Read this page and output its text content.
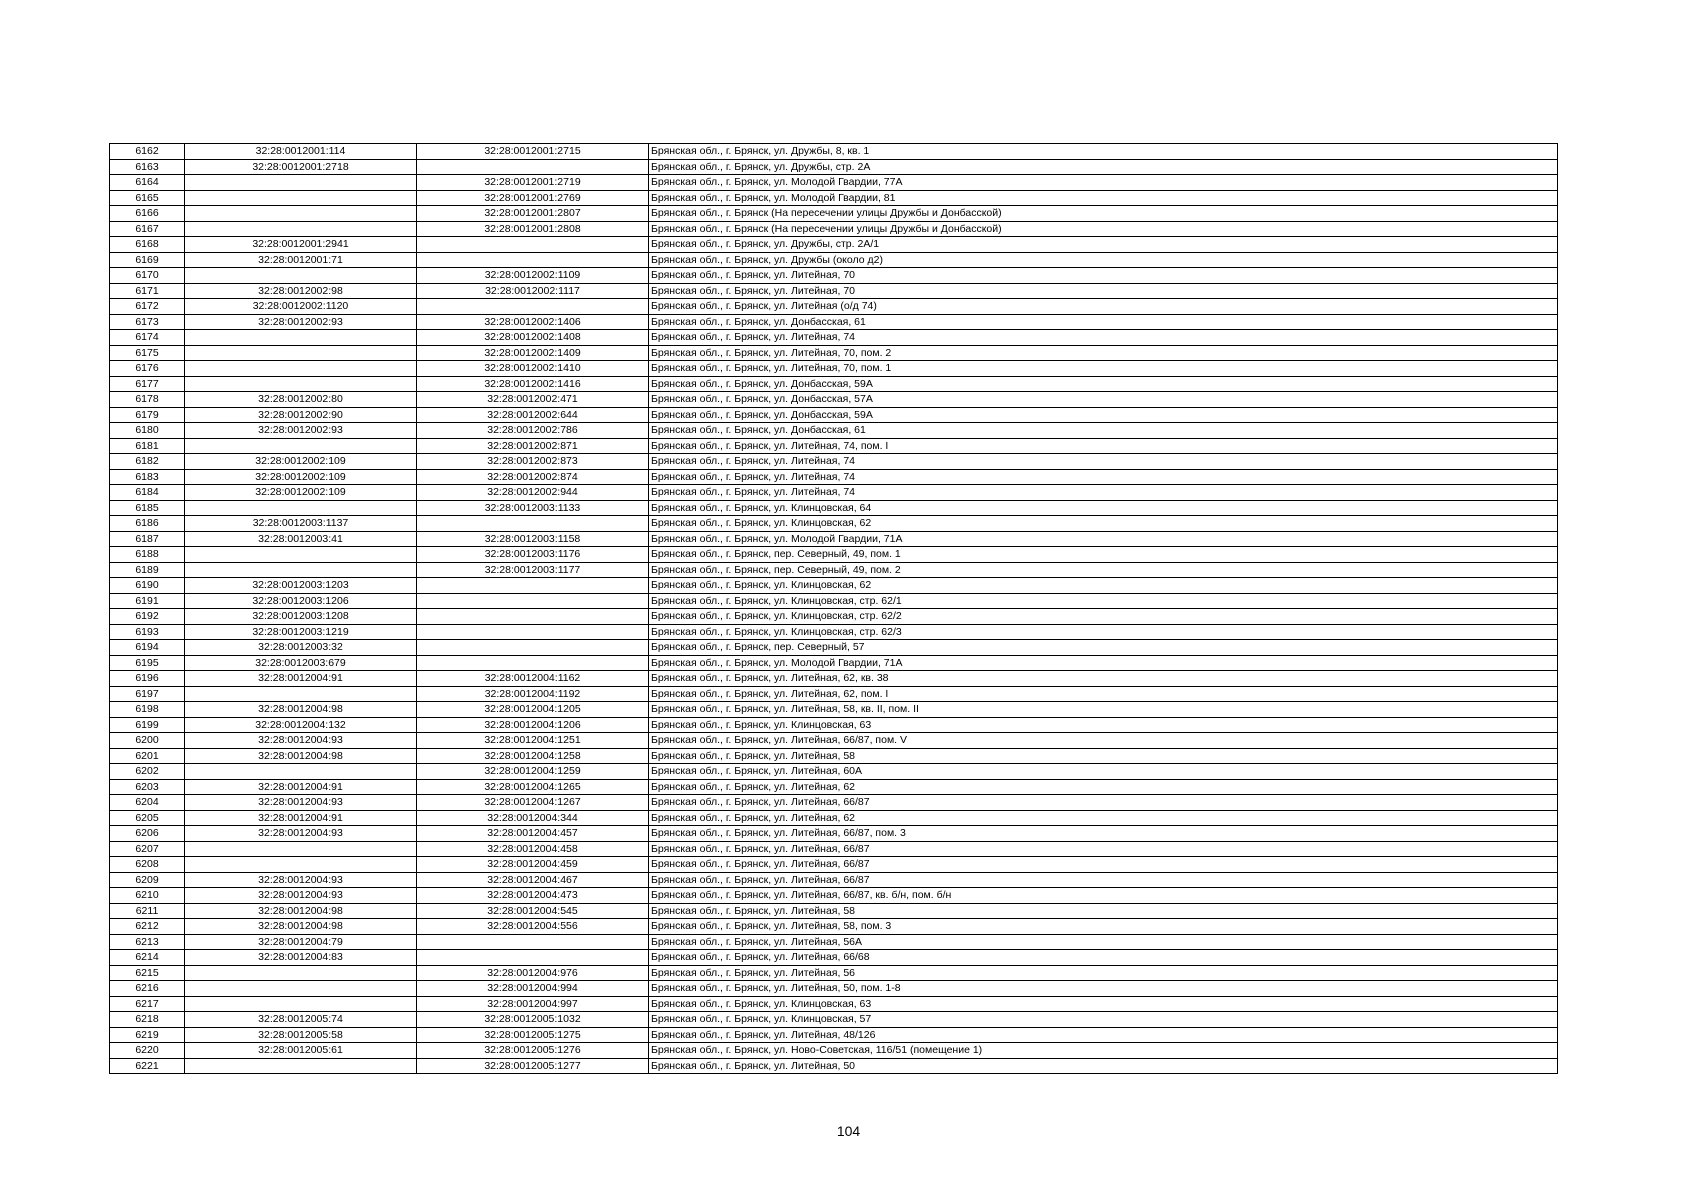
6162	32:28:0012001:114	32:28:0012001:2715	Брянская обл., г. Брянск, ул. Дружбы, 8, кв. 1
6163	32:28:0012001:2718		Брянская обл., г. Брянск, ул. Дружбы, стр. 2А
6164		32:28:0012001:2719	Брянская обл., г. Брянск, ул. Молодой Гвардии, 77А
6165		32:28:0012001:2769	Брянская обл., г. Брянск, ул. Молодой Гвардии, 81
6166		32:28:0012001:2807	Брянская обл., г. Брянск (На пересечении улицы Дружбы и Донбасской)
6167		32:28:0012001:2808	Брянская обл., г. Брянск (На пересечении улицы Дружбы и Донбасской)
6168	32:28:0012001:2941		Брянская обл., г. Брянск, ул. Дружбы, стр. 2А/1
6169	32:28:0012001:71		Брянская обл., г. Брянск, ул. Дружбы (около д2)
6170		32:28:0012002:1109	Брянская обл., г. Брянск, ул. Литейная, 70
6171	32:28:0012002:98	32:28:0012002:1117	Брянская обл., г. Брянск, ул. Литейная, 70
6172	32:28:0012002:1120		Брянская обл., г. Брянск, ул. Литейная (о/д 74)
6173	32:28:0012002:93	32:28:0012002:1406	Брянская обл., г. Брянск, ул. Донбасская, 61
6174		32:28:0012002:1408	Брянская обл., г. Брянск, ул. Литейная, 74
6175		32:28:0012002:1409	Брянская обл., г. Брянск, ул. Литейная, 70, пом. 2
6176		32:28:0012002:1410	Брянская обл., г. Брянск, ул. Литейная, 70, пом. 1
6177		32:28:0012002:1416	Брянская обл., г. Брянск, ул. Донбасская, 59А
6178	32:28:0012002:80	32:28:0012002:471	Брянская обл., г. Брянск, ул. Донбасская, 57А
6179	32:28:0012002:90	32:28:0012002:644	Брянская обл., г. Брянск, ул. Донбасская, 59А
6180	32:28:0012002:93	32:28:0012002:786	Брянская обл., г. Брянск, ул. Донбасская, 61
6181		32:28:0012002:871	Брянская обл., г. Брянск, ул. Литейная, 74, пом. I
6182	32:28:0012002:109	32:28:0012002:873	Брянская обл., г. Брянск, ул. Литейная, 74
6183	32:28:0012002:109	32:28:0012002:874	Брянская обл., г. Брянск, ул. Литейная, 74
6184	32:28:0012002:109	32:28:0012002:944	Брянская обл., г. Брянск, ул. Литейная, 74
6185		32:28:0012003:1133	Брянская обл., г. Брянск, ул. Клинцовская, 64
6186	32:28:0012003:1137		Брянская обл., г. Брянск, ул. Клинцовская, 62
6187	32:28:0012003:41	32:28:0012003:1158	Брянская обл., г. Брянск, ул. Молодой Гвардии, 71А
6188		32:28:0012003:1176	Брянская обл., г. Брянск, пер. Северный, 49, пом. 1
6189		32:28:0012003:1177	Брянская обл., г. Брянск, пер. Северный, 49, пом. 2
6190	32:28:0012003:1203		Брянская обл., г. Брянск, ул. Клинцовская, 62
6191	32:28:0012003:1206		Брянская обл., г. Брянск, ул. Клинцовская, стр. 62/1
6192	32:28:0012003:1208		Брянская обл., г. Брянск, ул. Клинцовская, стр. 62/2
6193	32:28:0012003:1219		Брянская обл., г. Брянск, ул. Клинцовская, стр. 62/3
6194	32:28:0012003:32		Брянская обл., г. Брянск, пер. Северный, 57
6195	32:28:0012003:679		Брянская обл., г. Брянск, ул. Молодой Гвардии, 71А
6196	32:28:0012004:91	32:28:0012004:1162	Брянская обл., г. Брянск, ул. Литейная, 62, кв. 38
6197		32:28:0012004:1192	Брянская обл., г. Брянск, ул. Литейная, 62, пом. I
6198	32:28:0012004:98	32:28:0012004:1205	Брянская обл., г. Брянск, ул. Литейная, 58, кв. II, пом. II
6199	32:28:0012004:132	32:28:0012004:1206	Брянская обл., г. Брянск, ул. Клинцовская, 63
6200	32:28:0012004:93	32:28:0012004:1251	Брянская обл., г. Брянск, ул. Литейная, 66/87, пом. V
6201	32:28:0012004:98	32:28:0012004:1258	Брянская обл., г. Брянск, ул. Литейная, 58
6202		32:28:0012004:1259	Брянская обл., г. Брянск, ул. Литейная, 60А
6203	32:28:0012004:91	32:28:0012004:1265	Брянская обл., г. Брянск, ул. Литейная, 62
6204	32:28:0012004:93	32:28:0012004:1267	Брянская обл., г. Брянск, ул. Литейная, 66/87
6205	32:28:0012004:91	32:28:0012004:344	Брянская обл., г. Брянск, ул. Литейная, 62
6206	32:28:0012004:93	32:28:0012004:457	Брянская обл., г. Брянск, ул. Литейная, 66/87, пом. 3
6207		32:28:0012004:458	Брянская обл., г. Брянск, ул. Литейная, 66/87
6208		32:28:0012004:459	Брянская обл., г. Брянск, ул. Литейная, 66/87
6209	32:28:0012004:93	32:28:0012004:467	Брянская обл., г. Брянск, ул. Литейная, 66/87
6210	32:28:0012004:93	32:28:0012004:473	Брянская обл., г. Брянск, ул. Литейная, 66/87, кв. б/н, пом. б/н
6211	32:28:0012004:98	32:28:0012004:545	Брянская обл., г. Брянск, ул. Литейная, 58
6212	32:28:0012004:98	32:28:0012004:556	Брянская обл., г. Брянск, ул. Литейная, 58, пом. 3
6213	32:28:0012004:79		Брянская обл., г. Брянск, ул. Литейная, 56А
6214	32:28:0012004:83		Брянская обл., г. Брянск, ул. Литейная, 66/68
6215		32:28:0012004:976	Брянская обл., г. Брянск, ул. Литейная, 56
6216		32:28:0012004:994	Брянская обл., г. Брянск, ул. Литейная, 50, пом. 1-8
6217		32:28:0012004:997	Брянская обл., г. Брянск, ул. Клинцовская, 63
6218	32:28:0012005:74	32:28:0012005:1032	Брянская обл., г. Брянск, ул. Клинцовская, 57
6219	32:28:0012005:58	32:28:0012005:1275	Брянская обл., г. Брянск, ул. Литейная, 48/126
6220	32:28:0012005:61	32:28:0012005:1276	Брянская обл., г. Брянск, ул. Ново-Советская, 116/51 (помещение 1)
6221		32:28:0012005:1277	Брянская обл., г. Брянск, ул. Литейная, 50
104
